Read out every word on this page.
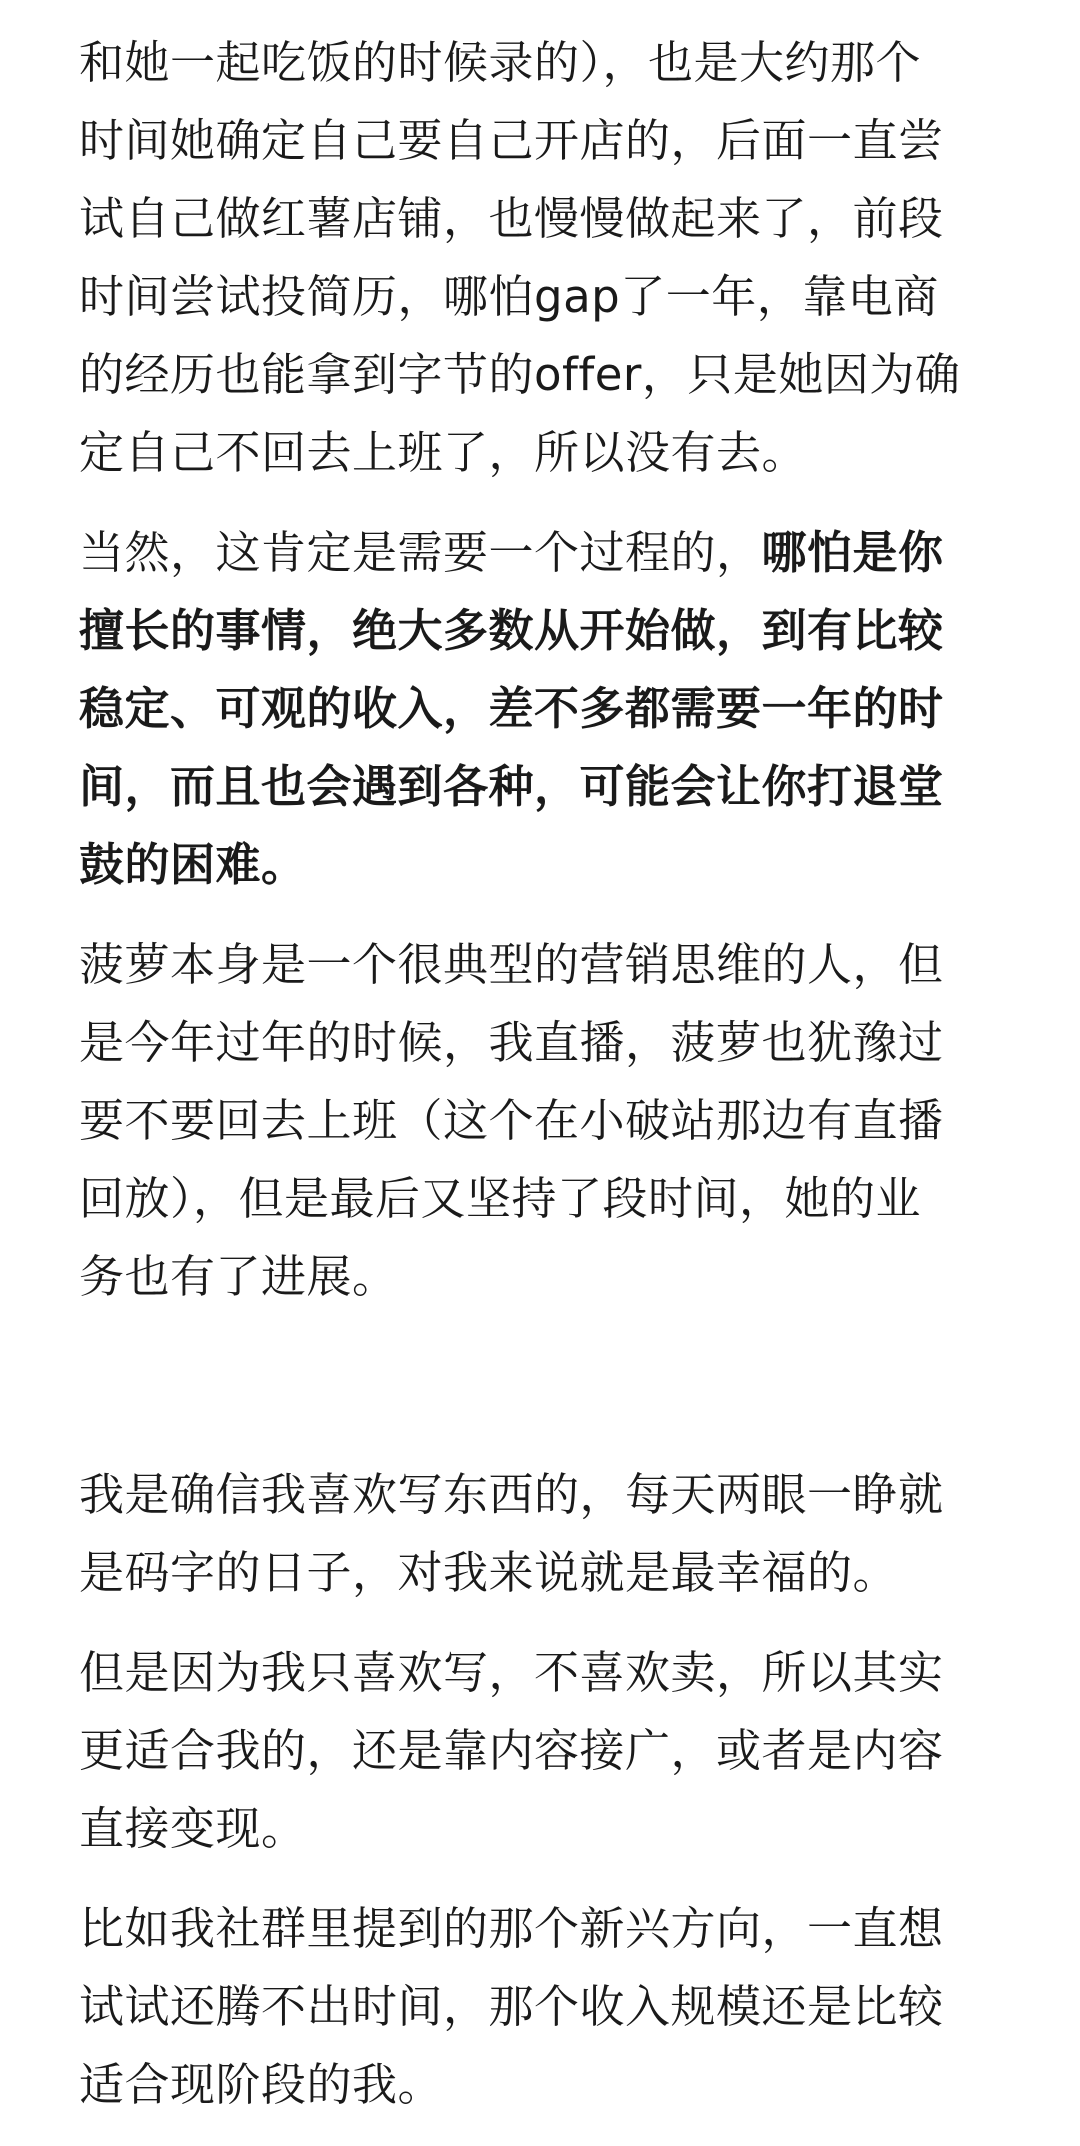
和她一起吃饭的时候录的），也是大约那个
时间她确定自己要自己开店的，后面一直尝
试自己做红薯店铺，也慢慢做起来了，前段
时间尝试投简历，哪怕gap了一年，靠电商
的经历也能拿到字节的offer，只是她因为确
定自己不回去上班了，所以没有去。

当然，这肯定是需要一个过程的，哪怕是你
擅长的事情，绝大多数从开始做，到有比较
稳定、可观的收入，差不多都需要一年的时
间，而且也会遇到各种，可能会让你打退堂
鼓的困难。

菠萝本身是一个很典型的营销思维的人，但
是今年过年的时候，我直播，菠萝也犹豫过
要不要回去上班（这个在小破站那边有直播
回放），但是最后又坚持了段时间，她的业
务也有了进展。

我是确信我喜欢写东西的，每天两眼一睁就
是码字的日子，对我来说就是最幸福的。

但是因为我只喜欢写，不喜欢卖，所以其实
更适合我的，还是靠内容接广，或者是内容
直接变现。

比如我社群里提到的那个新兴方向，一直想
试试还腾不出时间，那个收入规模还是比较
适合现阶段的我。
